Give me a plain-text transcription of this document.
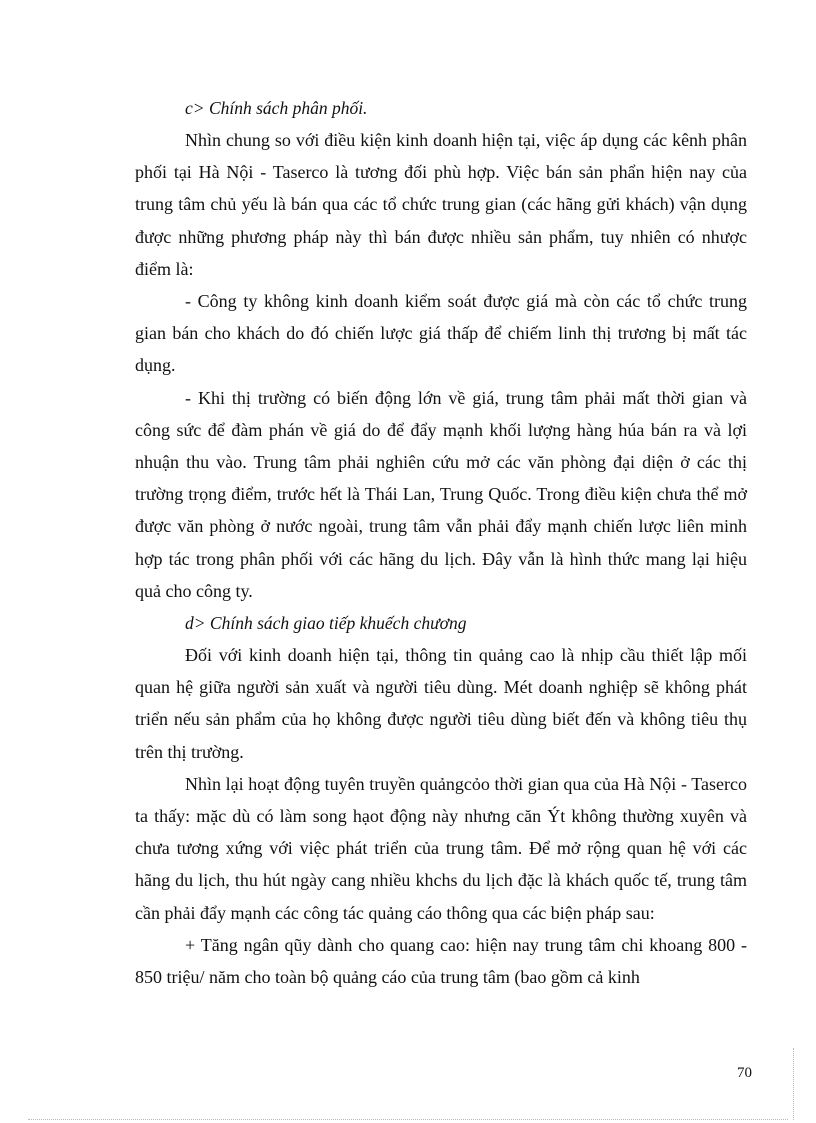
c> Chính sách phân phối.

Nhìn chung so với điều kiện kinh doanh hiện tại, việc áp dụng các kênh phân phối tại Hà Nội - Taserco là tương đối phù hợp. Việc bán sản phẩn hiện nay của trung tâm chủ yếu là bán qua các tổ chức trung gian (các hãng gửi khách) vận dụng được những phương pháp này thì bán được nhiều sản phẩm, tuy nhiên có nhược điểm là:

- Công ty không kinh doanh kiểm soát được giá mà còn các tổ chức trung gian bán cho khách do đó chiến lược giá thấp để chiếm linh thị trương bị mất tác dụng.

- Khi thị trường có biến động lớn về giá, trung tâm phải mất thời gian và công sức để đàm phán về giá do để đẩy mạnh khối lượng hàng húa bán ra và lợi nhuận thu vào. Trung tâm phải nghiên cứu mở các văn phòng đại diện ở các thị trường trọng điểm, trước hết là Thái Lan, Trung Quốc. Trong điều kiện chưa thể mở được văn phòng ở nước ngoài, trung tâm vẫn phải đẩy mạnh chiến lược liên minh hợp tác trong phân phối với các hãng du lịch. Đây vẫn là hình thức mang lại hiệu quả cho công ty.

d> Chính sách giao tiếp khuếch chương

Đối với kinh doanh hiện tại, thông tin quảng cao là nhịp cầu thiết lập mối quan hệ giữa người sản xuất và người tiêu dùng. Mét doanh nghiệp sẽ không phát triển nếu sản phẩm của họ không được người tiêu dùng biết đến và không tiêu thụ trên thị trường.

Nhìn lại hoạt động tuyên truyền quảngcỏo thời gian qua của Hà Nội - Taserco ta thấy: mặc dù có làm song hạot động này nhưng căn Ýt không thường xuyên và chưa tương xứng với việc phát triển của trung tâm. Để mở rộng quan hệ với các hãng du lịch, thu hút ngày cang nhiều khchs du lịch đặc là khách quốc tế, trung tâm cần phải đẩy mạnh các công tác quảng cáo thông qua các biện pháp sau:

+ Tăng ngân qũy dành cho quang cao: hiện nay trung tâm chi khoang 800 - 850 triệu/ năm cho toàn bộ quảng cáo của trung tâm (bao gồm cả kinh

70
